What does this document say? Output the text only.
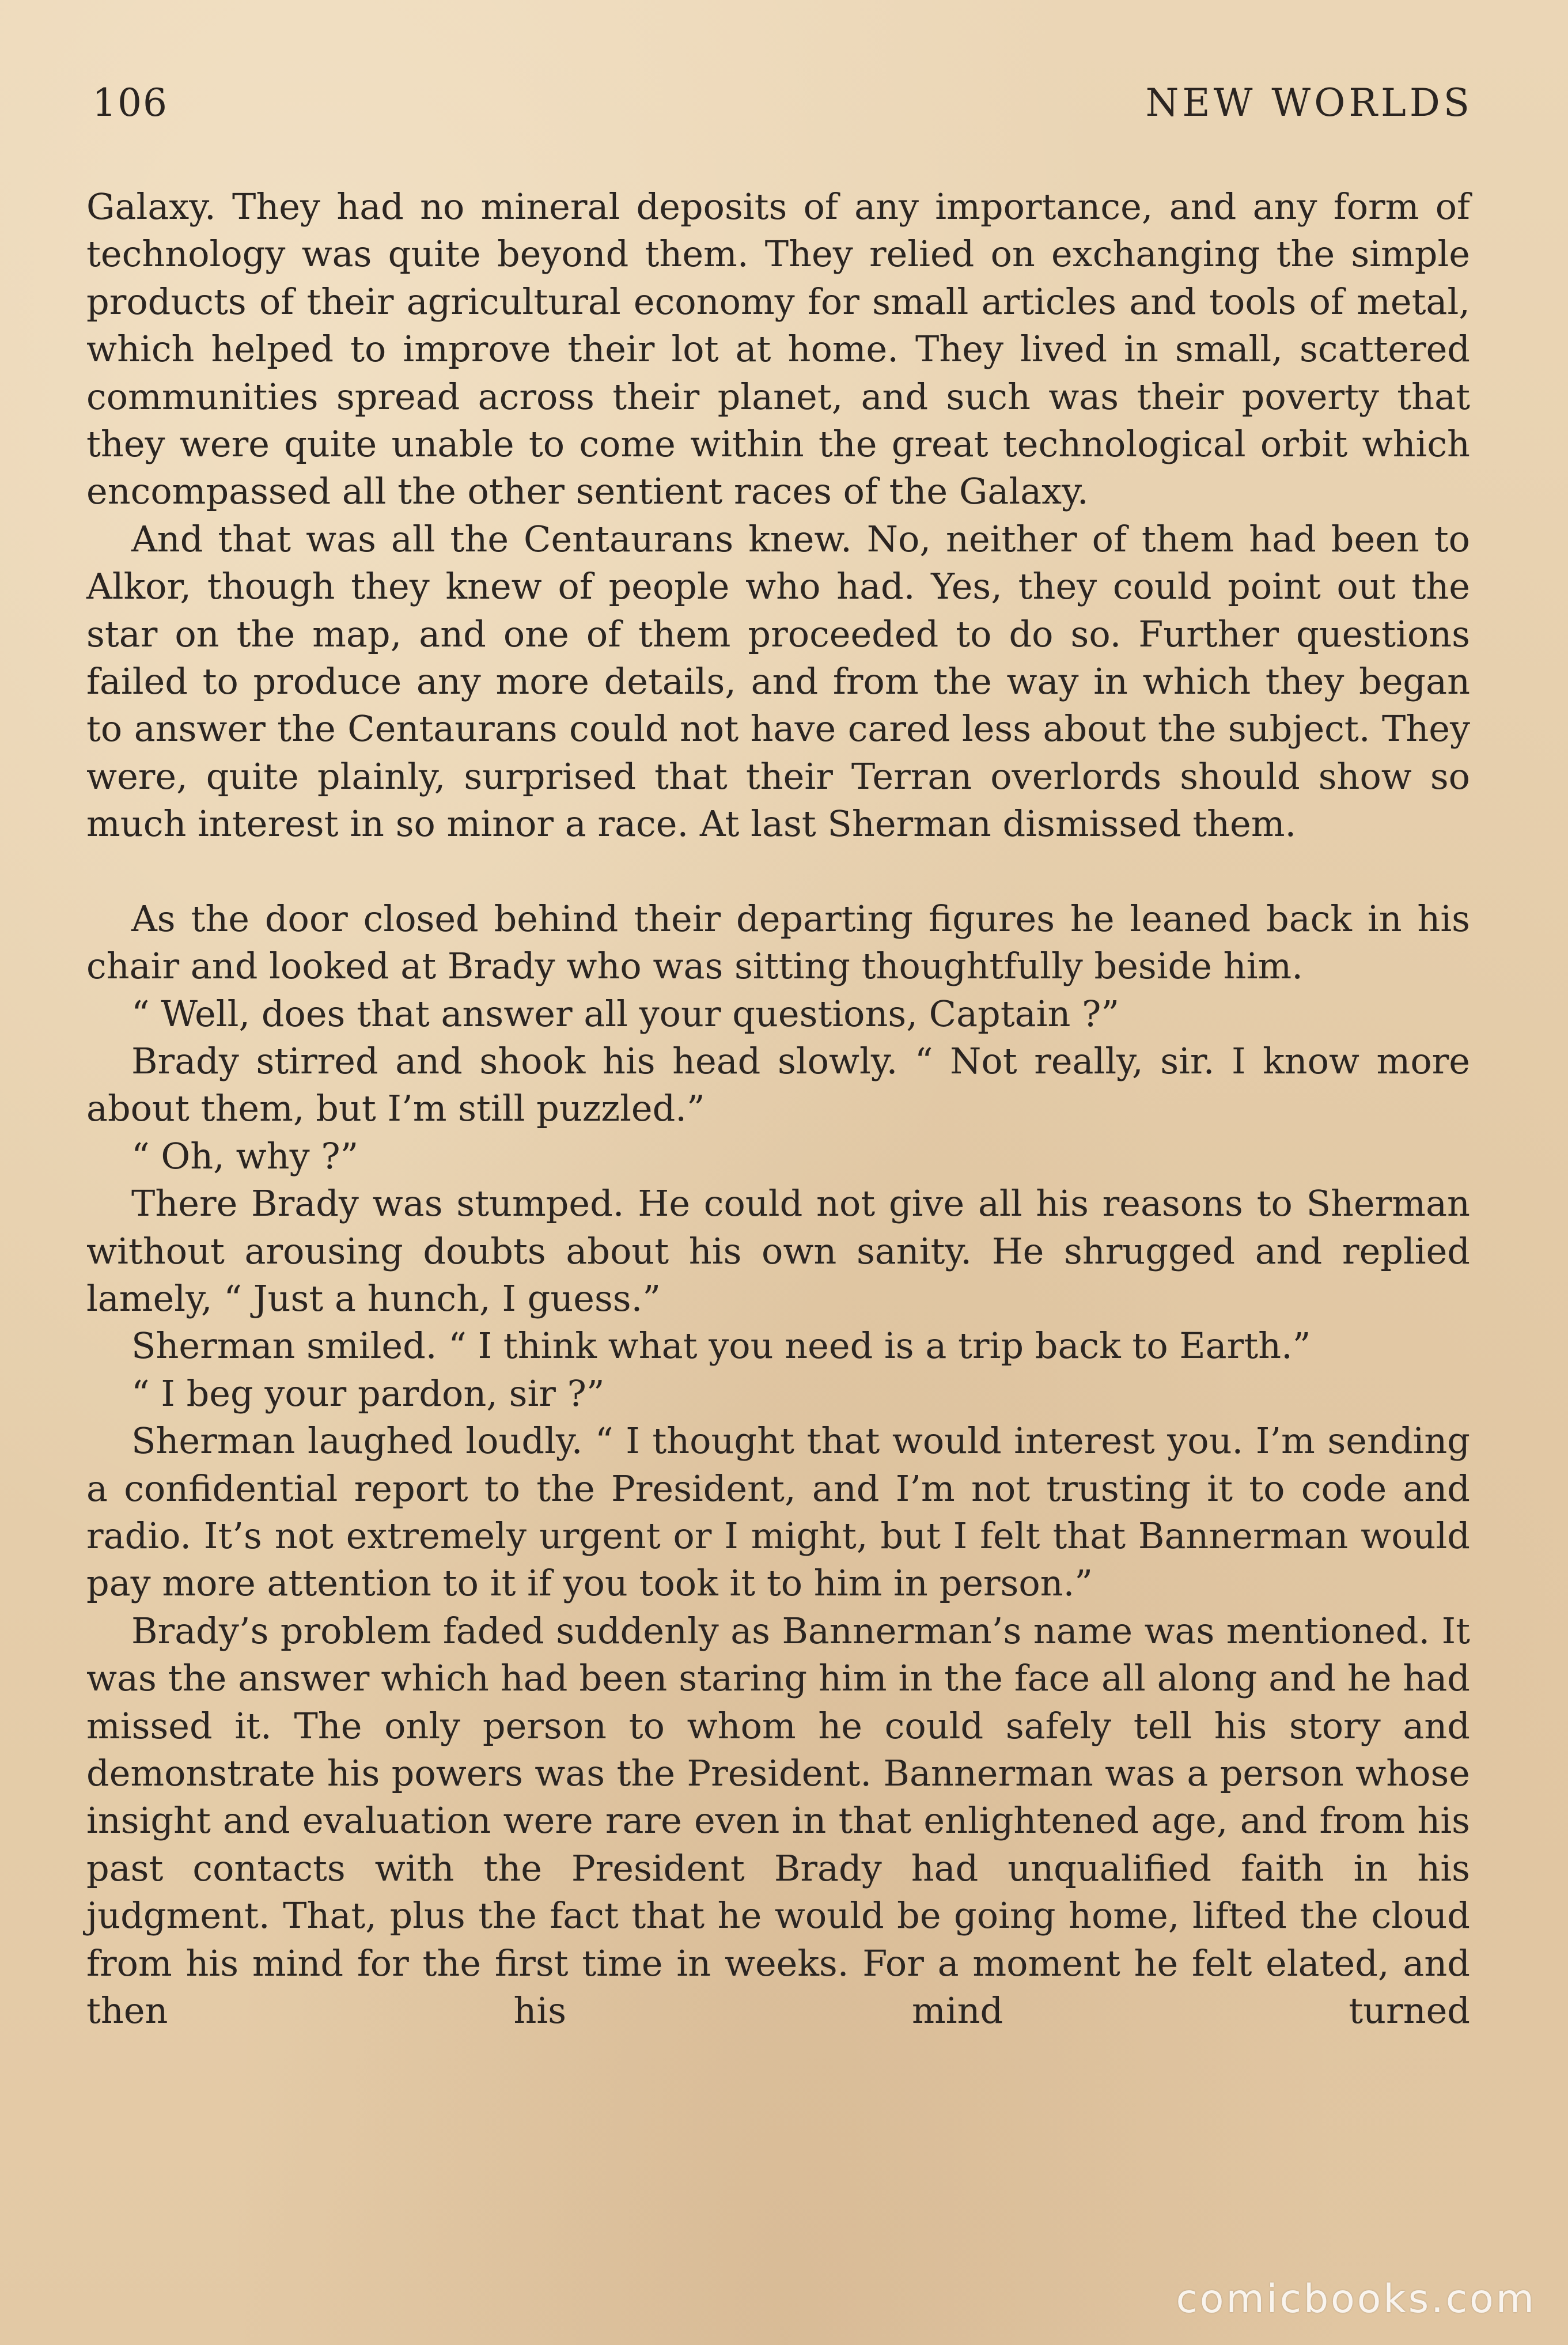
106	NEW WORLDS

Galaxy. They had no mineral deposits of any importance, and any form of technology was quite beyond them. They relied on exchanging the simple products of their agricultural economy for small articles and tools of metal, which helped to improve their lot at home. They lived in small, scattered communities spread across their planet, and such was their poverty that they were quite unable to come within the great technological orbit which encompassed all the other sentient races of the Galaxy.

And that was all the Centaurans knew. No, neither of them had been to Alkor, though they knew of people who had. Yes, they could point out the star on the map, and one of them proceeded to do so. Further questions failed to produce any more details, and from the way in which they began to answer the Centaurans could not have cared less about the subject. They were, quite plainly, surprised that their Terran overlords should show so much interest in so minor a race. At last Sherman dismissed them.

As the door closed behind their departing figures he leaned back in his chair and looked at Brady who was sitting thoughtfully beside him.

“ Well, does that answer all your questions, Captain ?”

Brady stirred and shook his head slowly. “ Not really, sir. I know more about them, but I’m still puzzled.”

“ Oh, why ?”

There Brady was stumped. He could not give all his reasons to Sherman without arousing doubts about his own sanity. He shrugged and replied lamely, “ Just a hunch, I guess.”

Sherman smiled. “ I think what you need is a trip back to Earth.”

“ I beg your pardon, sir ?”

Sherman laughed loudly. “ I thought that would interest you. I’m sending a confidential report to the President, and I’m not trusting it to code and radio. It’s not extremely urgent or I might, but I felt that Bannerman would pay more attention to it if you took it to him in person.”

Brady’s problem faded suddenly as Bannerman’s name was mentioned. It was the answer which had been staring him in the face all along and he had missed it. The only person to whom he could safely tell his story and demonstrate his powers was the President. Bannerman was a person whose insight and evaluation were rare even in that enlightened age, and from his past contacts with the President Brady had unqualified faith in his judgment. That, plus the fact that he would be going home, lifted the cloud from his mind for the first time in weeks. For a moment he felt elated, and then his mind turned

comicbooks.com
